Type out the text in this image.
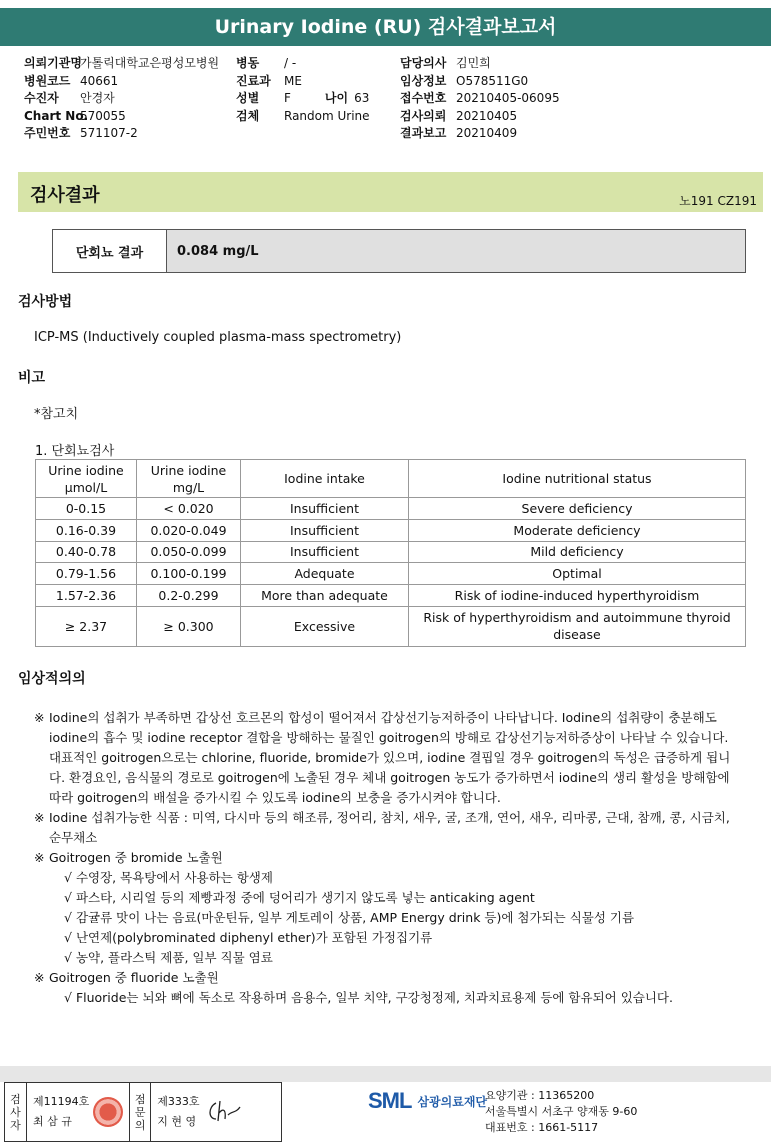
Urinary Iodine (RU) 검사결과보고서
의뢰기관명가톨릭대학교은평성모병원
병원코드 40661
수진자 안경자
Chart No.570055
주민번호 571107-2
병동 / -
진료과 ME
성별 F	나이 63
검체 Random Urine
담당의사 김민희
임상정보 O578511G0
접수번호 20210405-06095
검사의뢰 20210405
결과보고 20210409
검사결과	노191 CZ191
단회뇨 결과	0.084 mg/L
검사방법
ICP-MS (Inductively coupled plasma-mass spectrometry)
비고
*참고치
1. 단회뇨검사
Urine iodine
μmol/L	Urine iodine
mg/L	Iodine intake	Iodine nutritional status
0-0.15	< 0.020	Insufficient	Severe deficiency
0.16-0.39	0.020-0.049	Insufficient	Moderate deficiency
0.40-0.78	0.050-0.099	Insufficient	Mild deficiency
0.79-1.56	0.100-0.199	Adequate	Optimal
1.57-2.36	0.2-0.299	More than adequate	Risk of iodine-induced hyperthyroidism
≥ 2.37	≥ 0.300	Excessive	Risk of hyperthyroidism and autoimmune thyroid disease
임상적의의
※ Iodine의 섭취가 부족하면 갑상선 호르몬의 합성이 떨어져서 갑상선기능저하증이 나타납니다. Iodine의 섭취량이 충분해도 iodine의 흡수 및 iodine receptor 결합을 방해하는 물질인 goitrogen의 방해로 갑상선기능저하증상이 나타날 수 있습니다.
대표적인 goitrogen으로는 chlorine, fluoride, bromide가 있으며, iodine 결핍일 경우 goitrogen의 독성은 급증하게 됩니다. 환경요인, 음식물의 경로로 goitrogen에 노출된 경우 체내 goitrogen 농도가 증가하면서 iodine의 생리 활성을 방해함에 따라 goitrogen의 배설을 증가시킬 수 있도록 iodine의 보충을 증가시켜야 합니다.
※ Iodine 섭취가능한 식품 : 미역, 다시마 등의 해조류, 정어리, 참치, 새우, 굴, 조개, 연어, 새우, 리마콩, 근대, 참깨, 콩, 시금치, 순무채소
※ Goitrogen 중 bromide 노출원
√ 수영장, 목욕탕에서 사용하는 항생제
√ 파스타, 시리얼 등의 제빵과정 중에 덩어리가 생기지 않도록 넣는 anticaking agent
√ 감귤류 맛이 나는 음료(마운틴듀, 일부 게토레이 상품, AMP Energy drink 등)에 첨가되는 식물성 기름
√ 난연제(polybrominated diphenyl ether)가 포함된 가정집기류
√ 농약, 플라스틱 제품, 일부 직물 염료
※ Goitrogen 중 fluoride 노출원
√ Fluoride는 뇌와 뼈에 독소로 작용하며 음용수, 일부 치약, 구강청정제, 치과치료용제 등에 함유되어 있습니다.
검
사
자
제11194호
최 삼 규
점
문
의
제333호
지 현 영
SML 삼광의료재단
요양기관 : 11365200
서울특별시 서초구 양재동 9-60
대표번호 : 1661-5117
